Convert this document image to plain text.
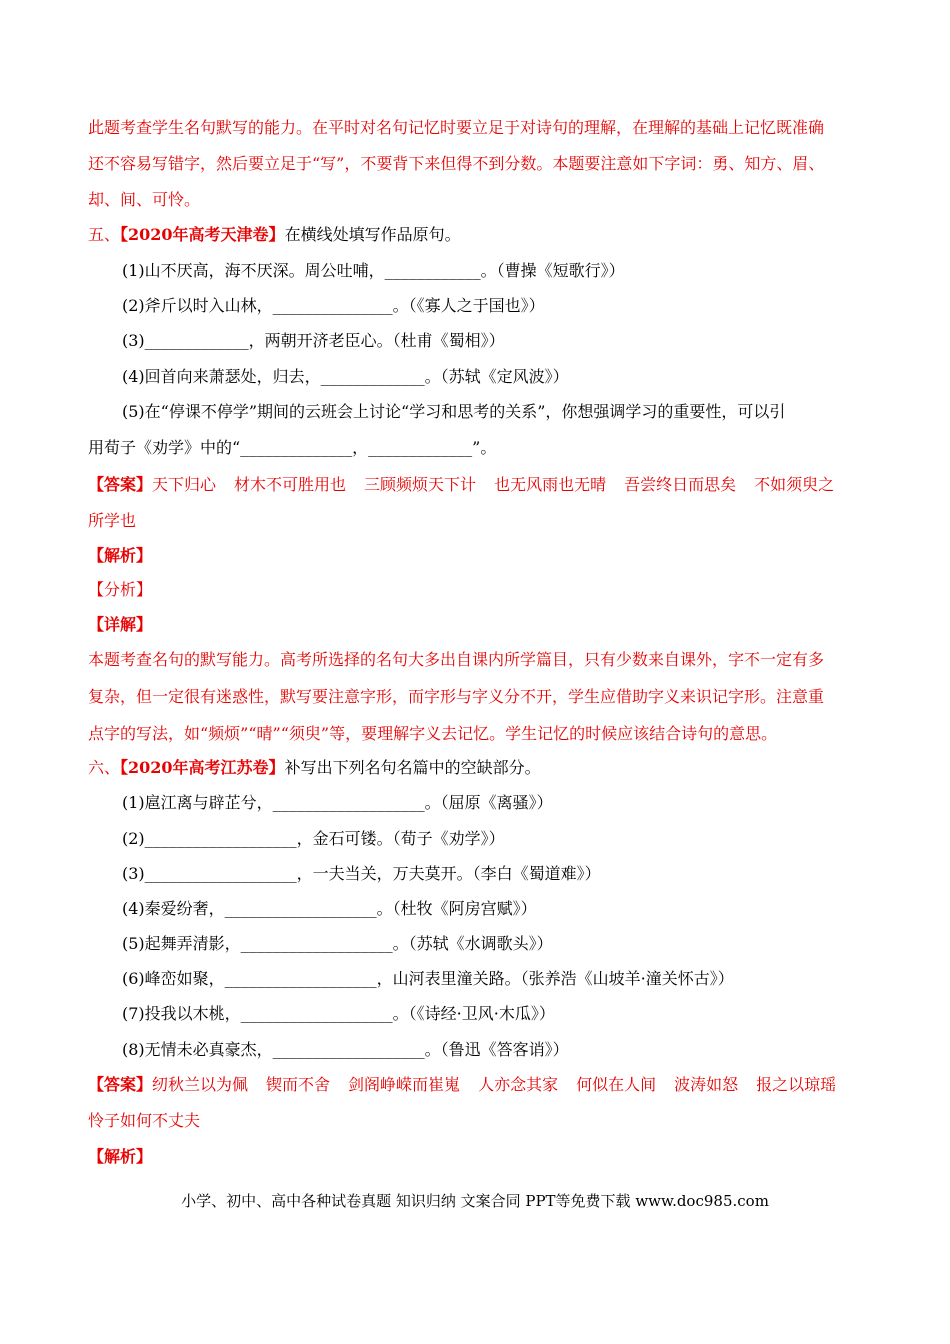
此题考查学生名句默写的能力。在平时对名句记忆时要立足于对诗句的理解，在理解的基础上记忆既准确
还不容易写错字，然后要立足于“写”，不要背下来但得不到分数。本题要注意如下字词：勇、知方、眉、
却、间、可怜。
五、【2020年高考天津卷】在横线处填写作品原句。
(1)山不厌高，海不厌深。周公吐哺，____________。（曹操《短歌行》）
(2)斧斤以时入山林，_______________。（《寡人之于国也》）
(3)_____________，两朝开济老臣心。（杜甫《蜀相》）
(4)回首向来萧瑟处，归去，_____________。（苏轼《定风波》）
(5)在“停课不停学”期间的云班会上讨论“学习和思考的关系”，你想强调学习的重要性，可以引
用荀子《劝学》中的“______________，_____________”。
【答案】天下归心 材木不可胜用也 三顾频烦天下计 也无风雨也无晴 吾尝终日而思矣 不如须臾之
所学也
【解析】
【分析】
【详解】
本题考查名句的默写能力。高考所选择的名句大多出自课内所学篇目，只有少数来自课外，字不一定有多
复杂，但一定很有迷惑性，默写要注意字形，而字形与字义分不开，学生应借助字义来识记字形。注意重
点字的写法，如“频烦”“晴”“须臾”等，要理解字义去记忆。学生记忆的时候应该结合诗句的意思。
六、【2020年高考江苏卷】补写出下列名句名篇中的空缺部分。
(1)扈江离与辟芷兮，___________________。（屈原《离骚》）
(2)___________________，金石可镂。（荀子《劝学》）
(3)___________________，一夫当关，万夫莫开。（李白《蜀道难》）
(4)秦爱纷奢，___________________。（杜牧《阿房宫赋》）
(5)起舞弄清影，___________________。（苏轼《水调歌头》）
(6)峰峦如聚，___________________，山河表里潼关路。（张养浩《山坡羊·潼关怀古》）
(7)投我以木桃，___________________。（《诗经·卫风·木瓜》）
(8)无情未必真豪杰，___________________。（鲁迅《答客诮》）
【答案】纫秋兰以为佩 锲而不舍 剑阁峥嵘而崔嵬 人亦念其家 何似在人间 波涛如怒 报之以琼瑶
怜子如何不丈夫
【解析】
小学、初中、高中各种试卷真题 知识归纳 文案合同 PPT等免费下载 www.doc985.com
